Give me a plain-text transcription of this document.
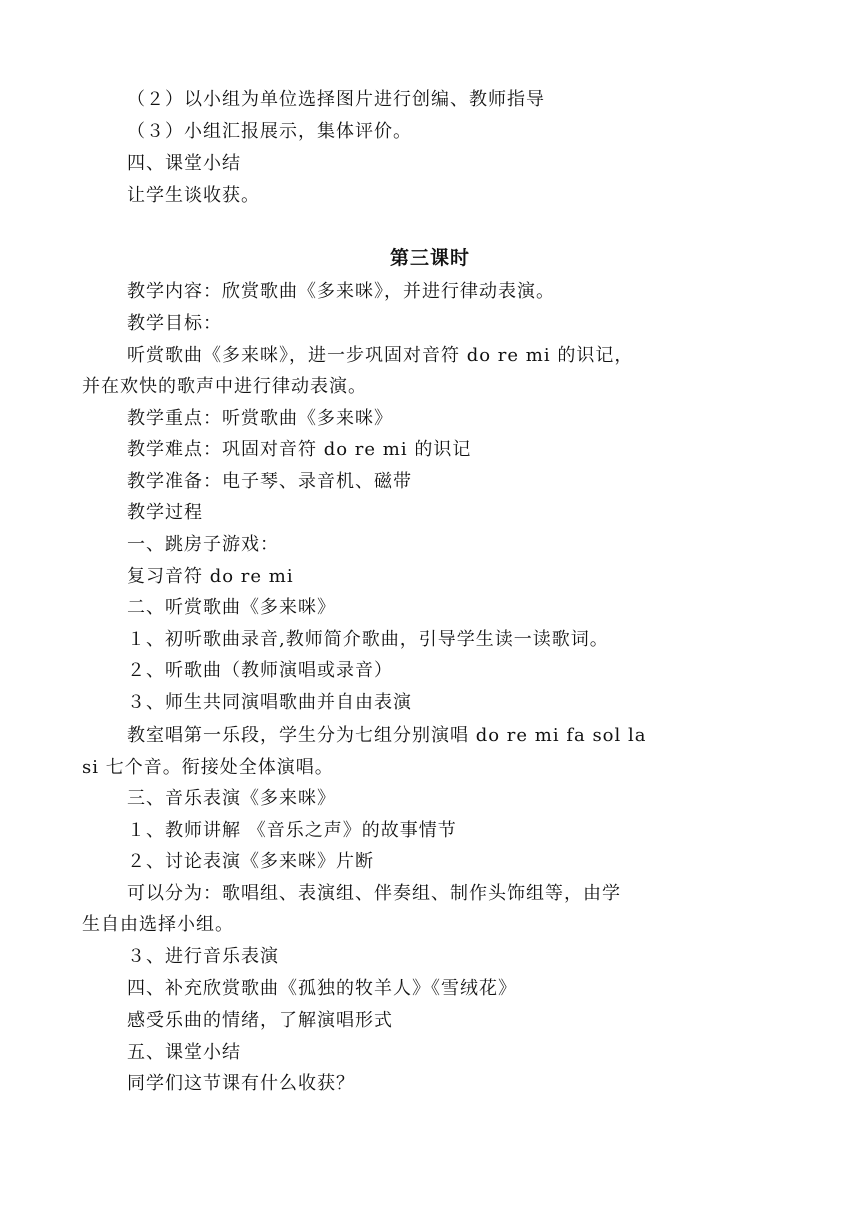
（２）以小组为单位选择图片进行创编、教师指导
（３）小组汇报展示，集体评价。
四、课堂小结
让学生谈收获。
第三课时
教学内容：欣赏歌曲《多来咪》，并进行律动表演。
教学目标：
听赏歌曲《多来咪》，进一步巩固对音符 do re mi 的识记，
并在欢快的歌声中进行律动表演。
教学重点：听赏歌曲《多来咪》
教学难点：巩固对音符 do re mi 的识记
教学准备：电子琴、录音机、磁带
教学过程
一、跳房子游戏：
复习音符 do re mi
二、听赏歌曲《多来咪》
１、初听歌曲录音,教师简介歌曲，引导学生读一读歌词。
２、听歌曲（教师演唱或录音）
３、师生共同演唱歌曲并自由表演
教室唱第一乐段，学生分为七组分别演唱 do re mi fa sol la
si 七个音。衔接处全体演唱。
三、音乐表演《多来咪》
１、教师讲解 《音乐之声》的故事情节
２、讨论表演《多来咪》片断
可以分为：歌唱组、表演组、伴奏组、制作头饰组等，由学
生自由选择小组。
３、进行音乐表演
四、补充欣赏歌曲《孤独的牧羊人》《雪绒花》
感受乐曲的情绪，了解演唱形式
五、课堂小结
同学们这节课有什么收获？
